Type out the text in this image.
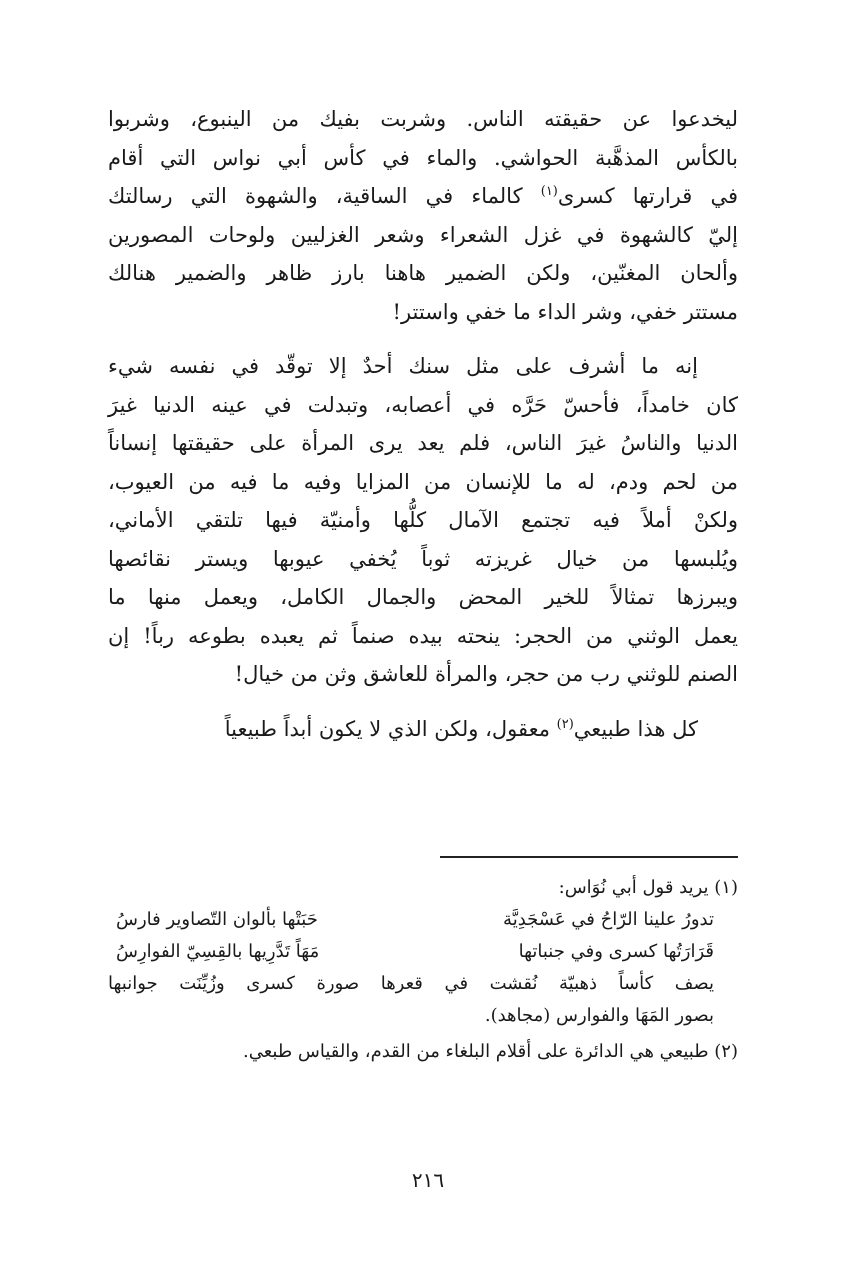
ليخدعوا عن حقيقته الناس. وشربت بفيك من الينبوع، وشربوا
بالكأس المذهَّبة الحواشي. والماء في كأس أبي نواس التي أقام
في قرارتها كسرى$^{(١)}$ كالماء في الساقية، والشهوة التي رسالتك
إليّ كالشهوة في غزل الشعراء وشعر الغزليين ولوحات المصورين
وألحان المغنّين، ولكن الضمير هاهنا بارز ظاهر والضمير هنالك
مستتر خفي، وشر الداء ما خفي واستتر!

إنه ما أشرف على مثل سنك أحدٌ إلا توقّد في نفسه شيء
كان خامداً، فأحسّ حَرَّه في أعصابه، وتبدلت في عينه الدنيا غيرَ
الدنيا والناسُ غيرَ الناس، فلم يعد يرى المرأة على حقيقتها إنساناً
من لحم ودم، له ما للإنسان من المزايا وفيه ما فيه من العيوب،
ولكنْ أملاً فيه تجتمع الآمال كلُّها وأمنيّة فيها تلتقي الأماني،
ويُلبسها من خيال غريزته ثوباً يُخفي عيوبها ويستر نقائصها
ويبرزها تمثالاً للخير المحض والجمال الكامل، ويعمل منها ما
يعمل الوثني من الحجر: ينحته بيده صنماً ثم يعبده بطوعه رباً! إن
الصنم للوثني رب من حجر، والمرأة للعاشق وثن من خيال!

كل هذا طبيعي$^{(٢)}$ معقول، ولكن الذي لا يكون أبداً طبيعياً

(١) يريد قول أبي نُوَاس:
تدورُ علينا الرّاحُ في عَسْجَدِيَّة
حَبَتْها بألوان التّصاوير فارسُ
قَرَارَتُها كسرى وفي جنباتها
مَهَاً تَدَّرِيها بالقِسِيّ الفوارِسُ
يصف كأساً ذهبيّة نُقشت في قعرها صورة كسرى وزُيِّنَت جوانبها
بصور المَهَا والفوارس (مجاهد).
(٢) طبيعي هي الدائرة على أقلام البلغاء من القدم، والقياس طبعي.
٢١٦
